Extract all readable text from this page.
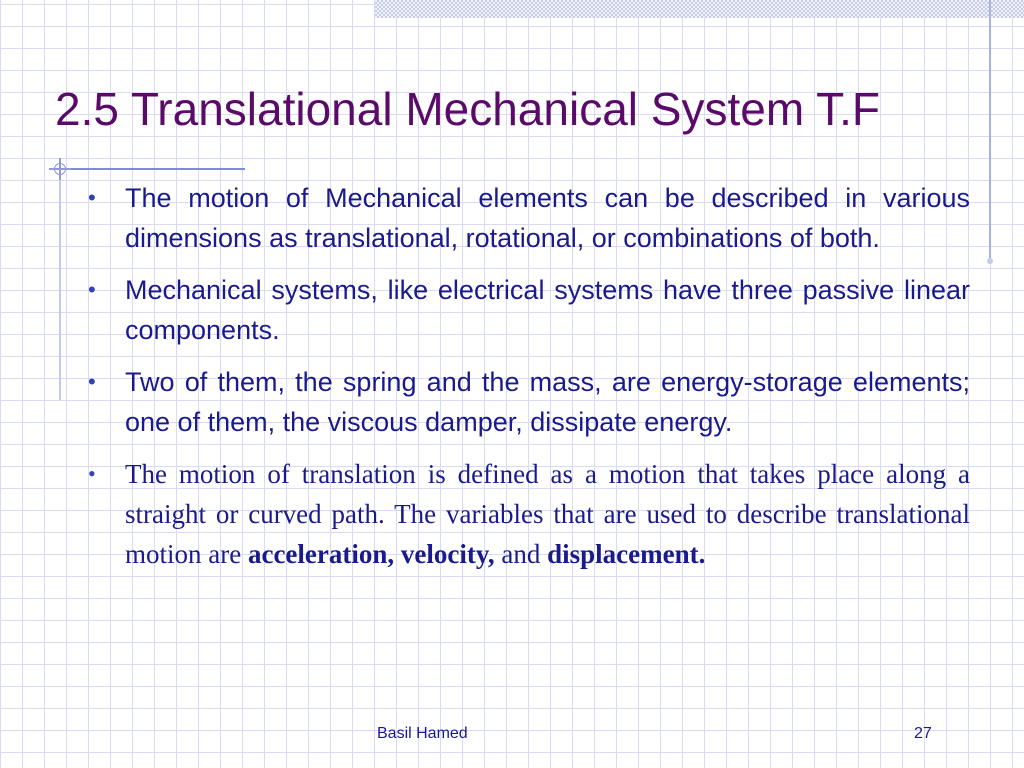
2.5 Translational Mechanical System T.F
• The motion of Mechanical elements can be described in various dimensions as translational, rotational, or combinations of both.
• Mechanical systems, like electrical systems have three passive linear components.
• Two of them, the spring and the mass, are energy-storage elements; one of them, the viscous damper, dissipate energy.
• The motion of translation is defined as a motion that takes place along a straight or curved path. The variables that are used to describe translational motion are acceleration, velocity, and displacement.
Basil Hamed	27
